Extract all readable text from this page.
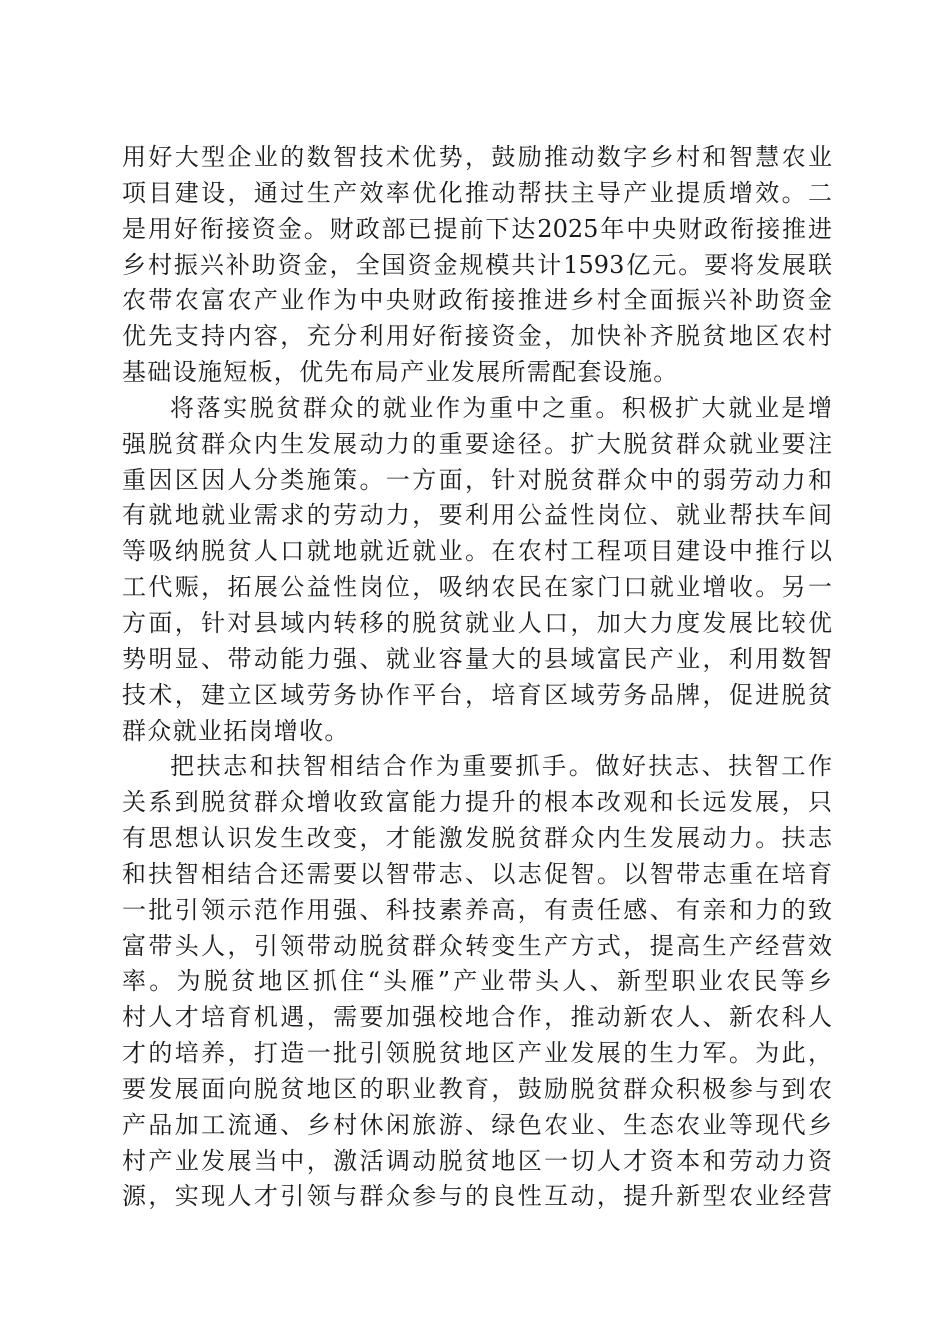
用好大型企业的数智技术优势，鼓励推动数字乡村和智慧农业
项目建设，通过生产效率优化推动帮扶主导产业提质增效。二
是用好衔接资金。财政部已提前下达2025年中央财政衔接推进
乡村振兴补助资金，全国资金规模共计1593亿元。要将发展联
农带农富农产业作为中央财政衔接推进乡村全面振兴补助资金
优先支持内容，充分利用好衔接资金，加快补齐脱贫地区农村
基础设施短板，优先布局产业发展所需配套设施。
将落实脱贫群众的就业作为重中之重。积极扩大就业是增
强脱贫群众内生发展动力的重要途径。扩大脱贫群众就业要注
重因区因人分类施策。一方面，针对脱贫群众中的弱劳动力和
有就地就业需求的劳动力，要利用公益性岗位、就业帮扶车间
等吸纳脱贫人口就地就近就业。在农村工程项目建设中推行以
工代赈，拓展公益性岗位，吸纳农民在家门口就业增收。另一
方面，针对县域内转移的脱贫就业人口，加大力度发展比较优
势明显、带动能力强、就业容量大的县域富民产业，利用数智
技术，建立区域劳务协作平台，培育区域劳务品牌，促进脱贫
群众就业拓岗增收。
把扶志和扶智相结合作为重要抓手。做好扶志、扶智工作
关系到脱贫群众增收致富能力提升的根本改观和长远发展，只
有思想认识发生改变，才能激发脱贫群众内生发展动力。扶志
和扶智相结合还需要以智带志、以志促智。以智带志重在培育
一批引领示范作用强、科技素养高，有责任感、有亲和力的致
富带头人，引领带动脱贫群众转变生产方式，提高生产经营效
率。为脱贫地区抓住“头雁”产业带头人、新型职业农民等乡
村人才培育机遇，需要加强校地合作，推动新农人、新农科人
才的培养，打造一批引领脱贫地区产业发展的生力军。为此，
要发展面向脱贫地区的职业教育，鼓励脱贫群众积极参与到农
产品加工流通、乡村休闲旅游、绿色农业、生态农业等现代乡
村产业发展当中，激活调动脱贫地区一切人才资本和劳动力资
源，实现人才引领与群众参与的良性互动，提升新型农业经营
